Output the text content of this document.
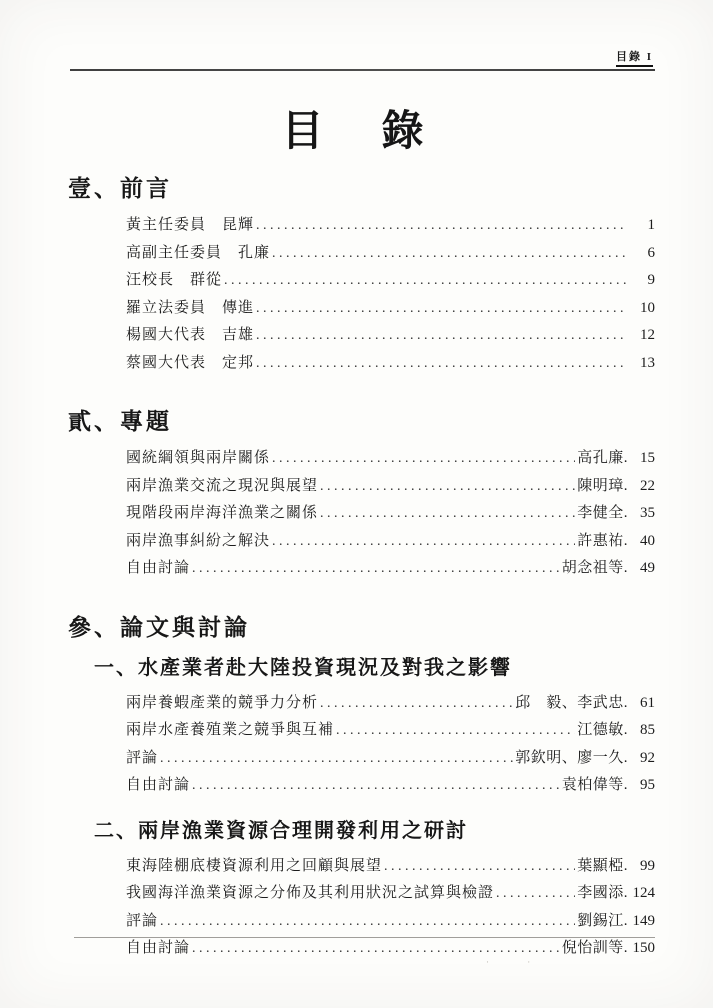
目錄 I
目　錄
壹、前言
黃主任委員　昆輝 .....	1
高副主任委員　孔廉 .....	6
汪校長　群從 .....	9
羅立法委員　傳進 .....	10
楊國大代表　吉雄 .....	12
蔡國大代表　定邦 .....	13
貳、專題
國統綱領與兩岸關係 .....	高孔廉. 15
兩岸漁業交流之現況與展望 .....	陳明璋. 22
現階段兩岸海洋漁業之關係 .....	李健全. 35
兩岸漁事糾紛之解決 .....	許惠祐. 40
自由討論 .....	胡念祖等. 49
參、論文與討論
一、水產業者赴大陸投資現況及對我之影響
兩岸養蝦產業的競爭力分析 .....	邱　毅、李武忠. 61
兩岸水產養殖業之競爭與互補 .....	江德敏. 85
評論 .....	郭欽明、廖一久. 92
自由討論 .....	袁柏偉等. 95
二、兩岸漁業資源合理開發利用之研討
東海陸棚底棲資源利用之回顧與展望 .....	葉顯椏. 99
我國海洋漁業資源之分佈及其利用狀況之試算與檢證 .....	李國添. 124
評論 .....	劉錫江. 149
自由討論 .....	倪怡訓等. 150
· ·
